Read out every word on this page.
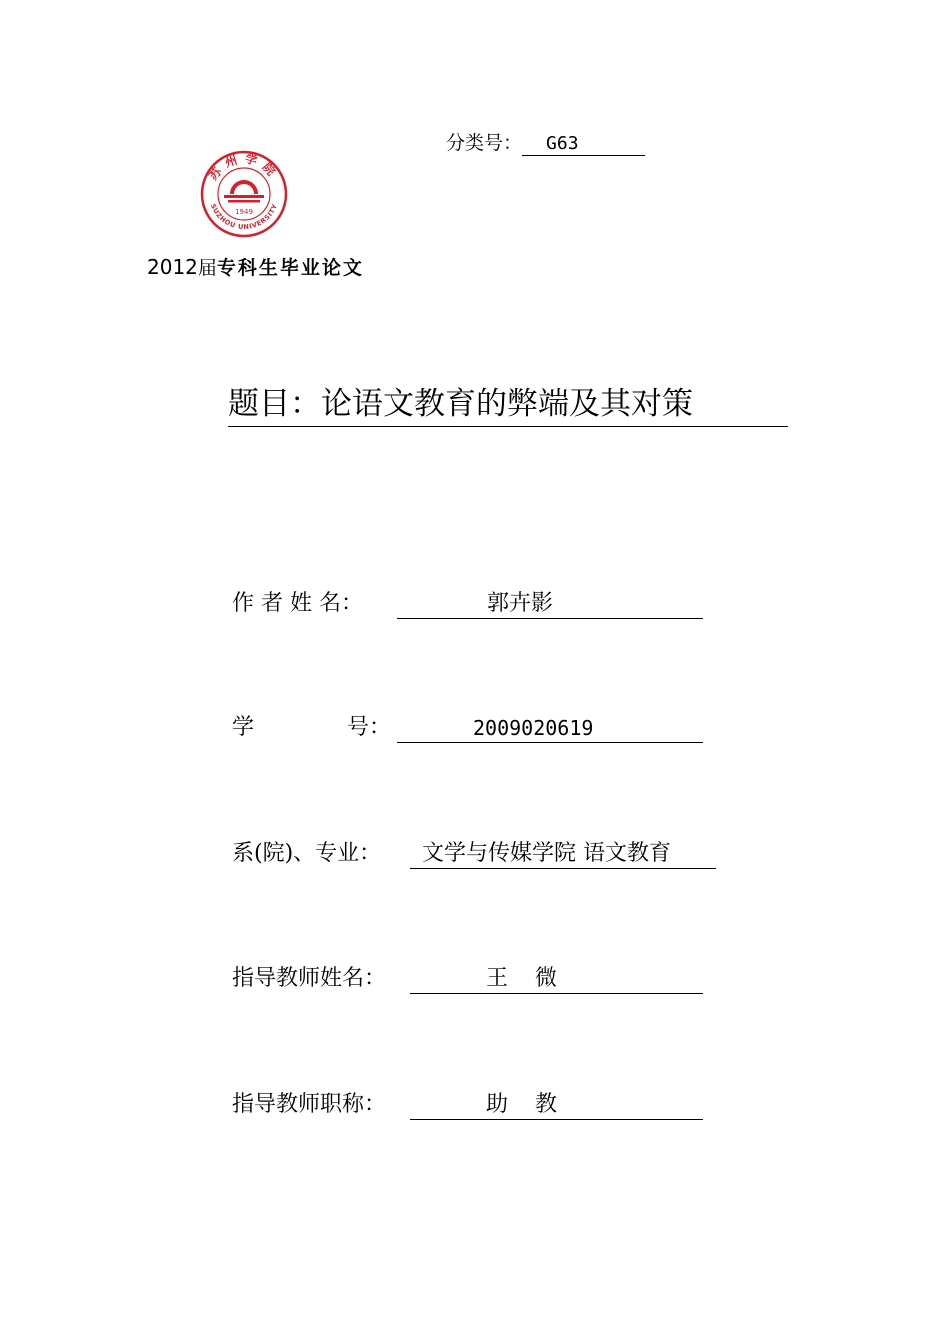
分类号： G63
苏州学院
1949
SUZHOU UNIVERSITY
2012届专科生毕业论文
题目：论语文教育的弊端及其对策
作 者 姓 名：	郭卉影
学	号：	2009020619
系(院)、专业：	文学与传媒学院 语文教育
指导教师姓名：	王 微
指导教师职称：	助 教
